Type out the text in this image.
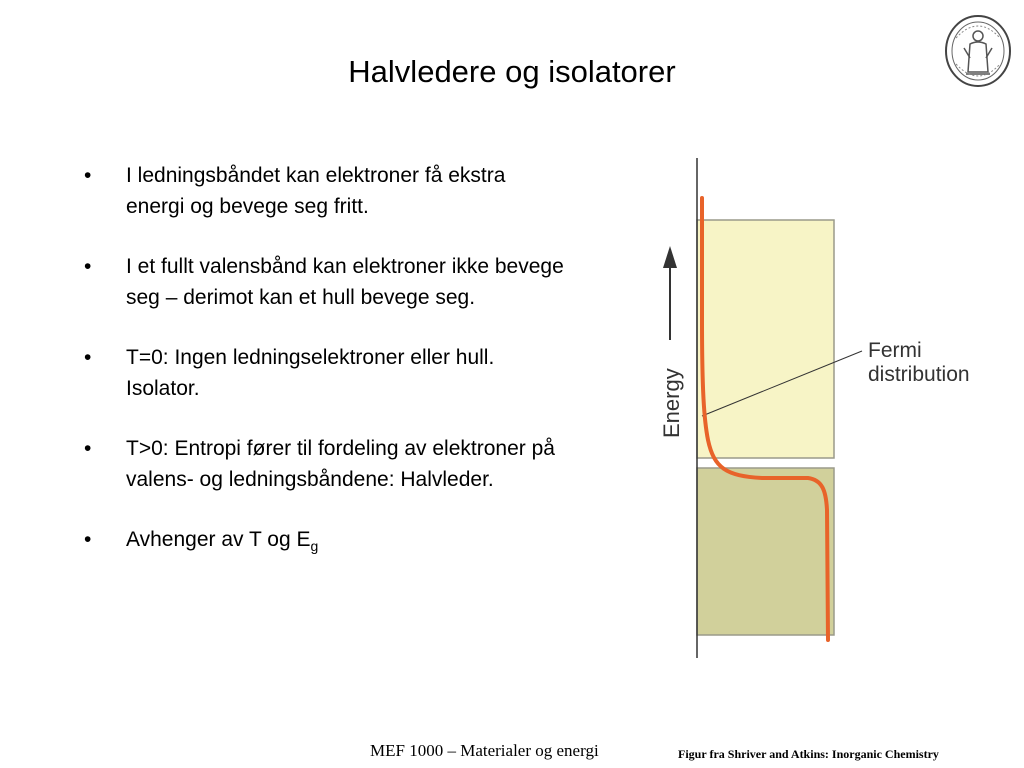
Halvledere og isolatorer
• I ledningsbåndet kan elektroner få ekstra energi og bevege seg fritt.
• I et fullt valensbånd kan elektroner ikke bevege seg – derimot kan et hull bevege seg.
• T=0: Ingen ledningselektroner eller hull. Isolator.
• T>0: Entropi fører til fordeling av elektroner på valens- og ledningsbåndene: Halvleder.
• Avhenger av T og $E_g$
Energy
Fermi
distribution
MEF 1000 – Materialer og energi	Figur fra Shriver and Atkins: Inorganic Chemistry
